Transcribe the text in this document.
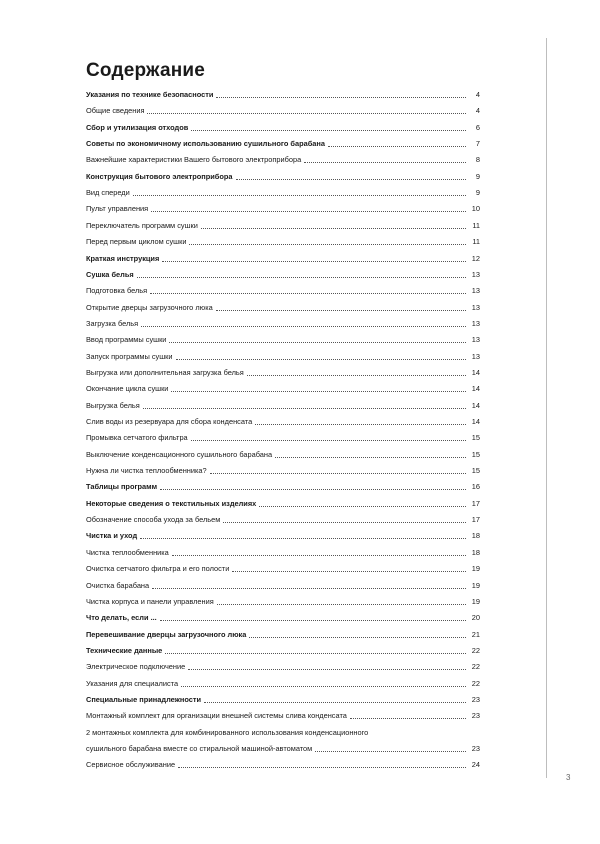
3
Содержание
Указания по технике безопасности	4
Общие сведения	4
Сбор и утилизация отходов	6
Советы по экономичному использованию сушильного барабана	7
Важнейшие характеристики Вашего бытового электроприбора	8
Конструкция бытового электроприбора	9
Вид спереди	9
Пульт управления	10
Переключатель программ сушки	11
Перед первым циклом сушки	11
Краткая инструкция	12
Сушка белья	13
Подготовка белья	13
Открытие дверцы загрузочного люка	13
Загрузка белья	13
Ввод программы сушки	13
Запуск программы сушки	13
Выгрузка или дополнительная загрузка белья	14
Окончание цикла сушки	14
Выгрузка белья	14
Слив воды из резервуара для сбора конденсата	14
Промывка сетчатого фильтра	15
Выключение конденсационного сушильного барабана	15
Нужна ли чистка теплообменника?	15
Таблицы программ	16
Некоторые сведения о текстильных изделиях	17
Обозначение способа ухода за бельем	17
Чистка и уход	18
Чистка теплообменника	18
Очистка сетчатого фильтра и его полости	19
Очистка барабана	19
Чистка корпуса и панели управления	19
Что делать, если ...	20
Перевешивание дверцы загрузочного люка	21
Технические данные	22
Электрическое подключение	22
Указания для специалиста	22
Специальные принадлежности	23
Монтажный комплект для организации внешней системы слива конденсата	23
2 монтажных комплекта для комбинированного использования конденсационного
сушильного барабана вместе со стиральной машиной-автоматом	23
Сервисное обслуживание	24
